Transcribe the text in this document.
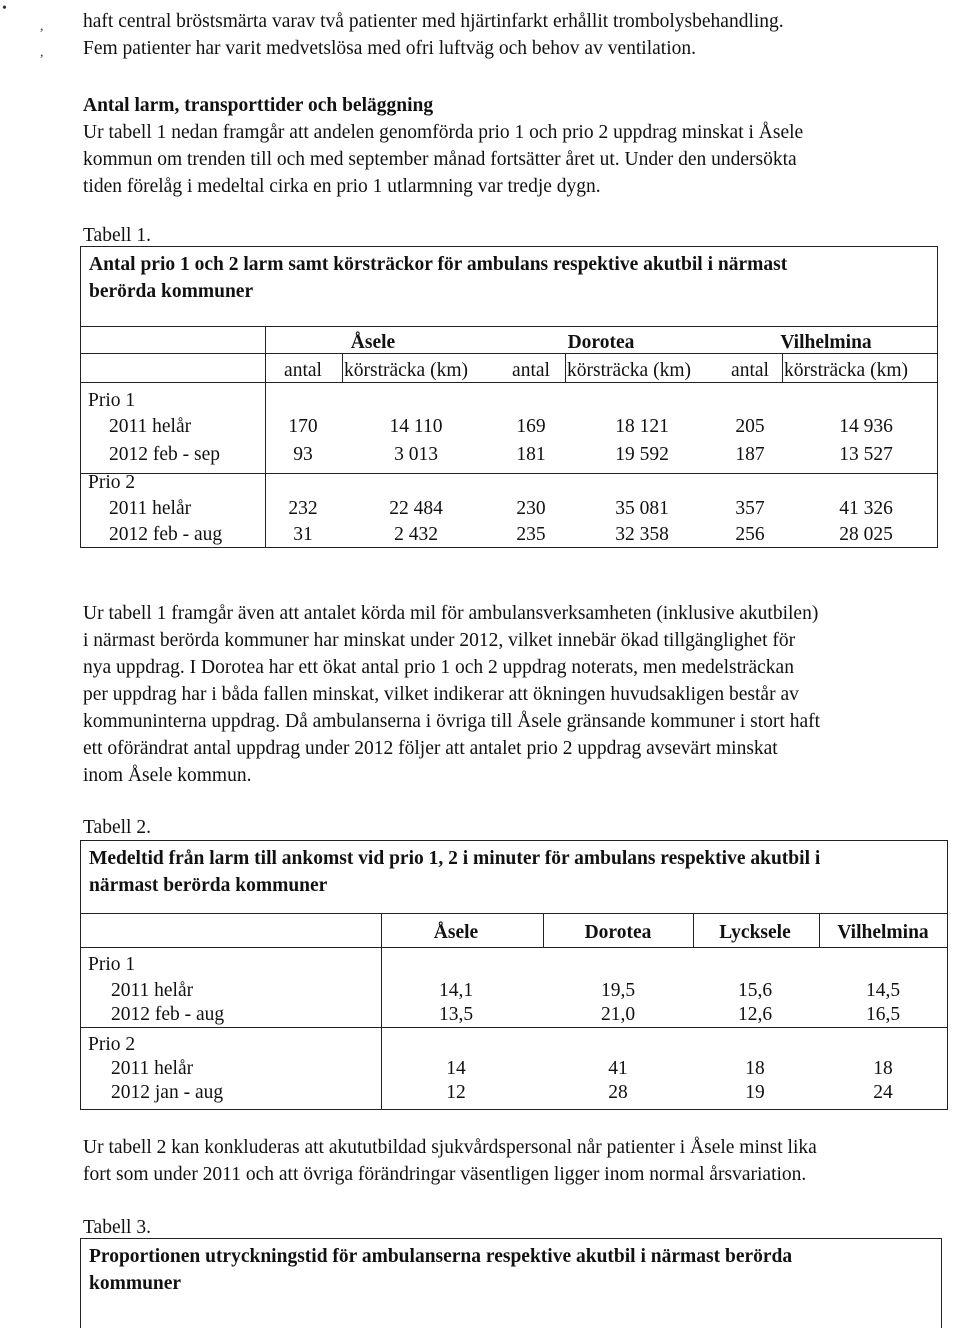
•
,
,

haft central bröstsmärta varav två patienter med hjärtinfarkt erhållit trombolysbehandling.

Fem patienter har varit medvetslösa med ofri luftväg och behov av ventilation.

Antal larm, transporttider och beläggning

Ur tabell 1 nedan framgår att andelen genomförda prio 1 och prio 2 uppdrag minskat i Åsele

kommun om trenden till och med september månad fortsätter året ut. Under den undersökta

tiden förelåg i medeltal cirka en prio 1 utlarmning var tredje dygn.

Tabell 1.
Antal prio 1 och 2 larm samt körsträckor för ambulans respektive akutbil i närmast
berörda kommuner
Åsele	Dorotea	Vilhelmina
antal	körsträcka (km)	antal körsträcka (km)	antal körsträcka (km)
Prio 1
2011 helår	170	14 110	169	18 121	205	14 936
2012 feb - sep	93	3 013	181	19 592	187	13 527
Prio 2
2011 helår	232	22 484	230	35 081	357	41 326
2012 feb - aug	31	2 432	235	32 358	256	28 025

Ur tabell 1 framgår även att antalet körda mil för ambulansverksamheten (inklusive akutbilen)

i närmast berörda kommuner har minskat under 2012, vilket innebär ökad tillgänglighet för

nya uppdrag. I Dorotea har ett ökat antal prio 1 och 2 uppdrag noterats, men medelsträckan

per uppdrag har i båda fallen minskat, vilket indikerar att ökningen huvudsakligen består av

kommuninterna uppdrag. Då ambulanserna i övriga till Åsele gränsande kommuner i stort haft

ett oförändrat antal uppdrag under 2012 följer att antalet prio 2 uppdrag avsevärt minskat

inom Åsele kommun.

Tabell 2.
Medeltid från larm till ankomst vid prio 1, 2 i minuter för ambulans respektive akutbil i
närmast berörda kommuner
Åsele	Dorotea	Lycksele	Vilhelmina
Prio 1
2011 helår	14,1	19,5	15,6	14,5
2012 feb - aug	13,5	21,0	12,6	16,5
Prio 2
2011 helår	14	41	18	18
2012 jan - aug	12	28	19	24

Ur tabell 2 kan konkluderas att akututbildad sjukvårdspersonal når patienter i Åsele minst lika

fort som under 2011 och att övriga förändringar väsentligen ligger inom normal årsvariation.

Tabell 3.
Proportionen utryckningstid för ambulanserna respektive akutbil i närmast berörda
kommuner
